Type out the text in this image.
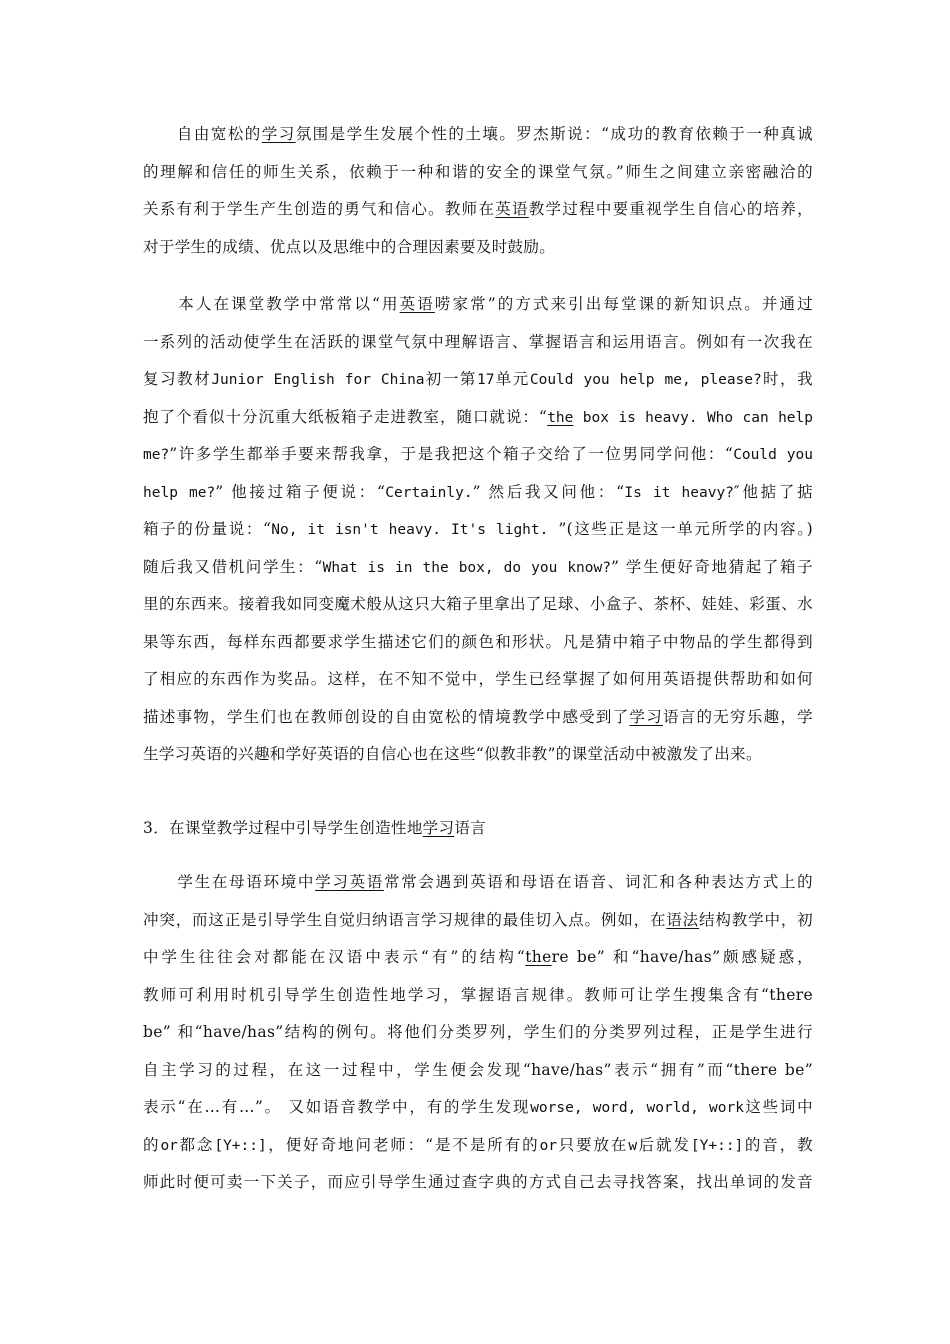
　　自由宽松的学习氛围是学生发展个性的土壤。罗杰斯说：“成功的教育依赖于一种真诚
的理解和信任的师生关系，依赖于一种和谐的安全的课堂气氛。”师生之间建立亲密融洽的
关系有利于学生产生创造的勇气和信心。教师在英语教学过程中要重视学生自信心的培养，
对于学生的成绩、优点以及思维中的合理因素要及时鼓励。
　　本人在课堂教学中常常以“用英语唠家常”的方式来引出每堂课的新知识点。并通过
一系列的活动使学生在活跃的课堂气氛中理解语言、掌握语言和运用语言。例如有一次我在
复习教材Junior English for China初一第17单元Could you help me, please?时，我
抱了个看似十分沉重大纸板箱子走进教室，随口就说：“the box is heavy. Who can help
me?”许多学生都举手要来帮我拿，于是我把这个箱子交给了一位男同学问他：“Could you
help me?” 他接过箱子便说：“Certainly.” 然后我又问他：“Is it heavy?″他掂了掂
箱子的份量说：“No, it isn't heavy. It's light. ”(这些正是这一单元所学的内容。)
随后我又借机问学生：“What is in the box, do you know?” 学生便好奇地猜起了箱子
里的东西来。接着我如同变魔术般从这只大箱子里拿出了足球、小盒子、茶杯、娃娃、彩蛋、水
果等东西，每样东西都要求学生描述它们的颜色和形状。凡是猜中箱子中物品的学生都得到
了相应的东西作为奖品。这样，在不知不觉中，学生已经掌握了如何用英语提供帮助和如何
描述事物，学生们也在教师创设的自由宽松的情境教学中感受到了学习语言的无穷乐趣，学
生学习英语的兴趣和学好英语的自信心也在这些“似教非教”的课堂活动中被激发了出来。
3．在课堂教学过程中引导学生创造性地学习语言
　　学生在母语环境中学习英语常常会遇到英语和母语在语音、词汇和各种表达方式上的
冲突，而这正是引导学生自觉归纳语言学习规律的最佳切入点。例如，在语法结构教学中，初
中学生往往会对都能在汉语中表示“有”的结构“there be” 和“have/has”颇感疑惑，
教师可利用时机引导学生创造性地学习，掌握语言规律。教师可让学生搜集含有“there
be” 和“have/has”结构的例句。将他们分类罗列，学生们的分类罗列过程，正是学生进行
自主学习的过程，在这一过程中，学生便会发现“have/has”表示“拥有”而“there be”
表示“在…有…”。 又如语音教学中，有的学生发现worse, word, world, work这些词中
的or都念[Y+::]，便好奇地问老师：“是不是所有的or只要放在w后就发[Y+::]的音，教
师此时便可卖一下关子，而应引导学生通过查字典的方式自己去寻找答案，找出单词的发音
